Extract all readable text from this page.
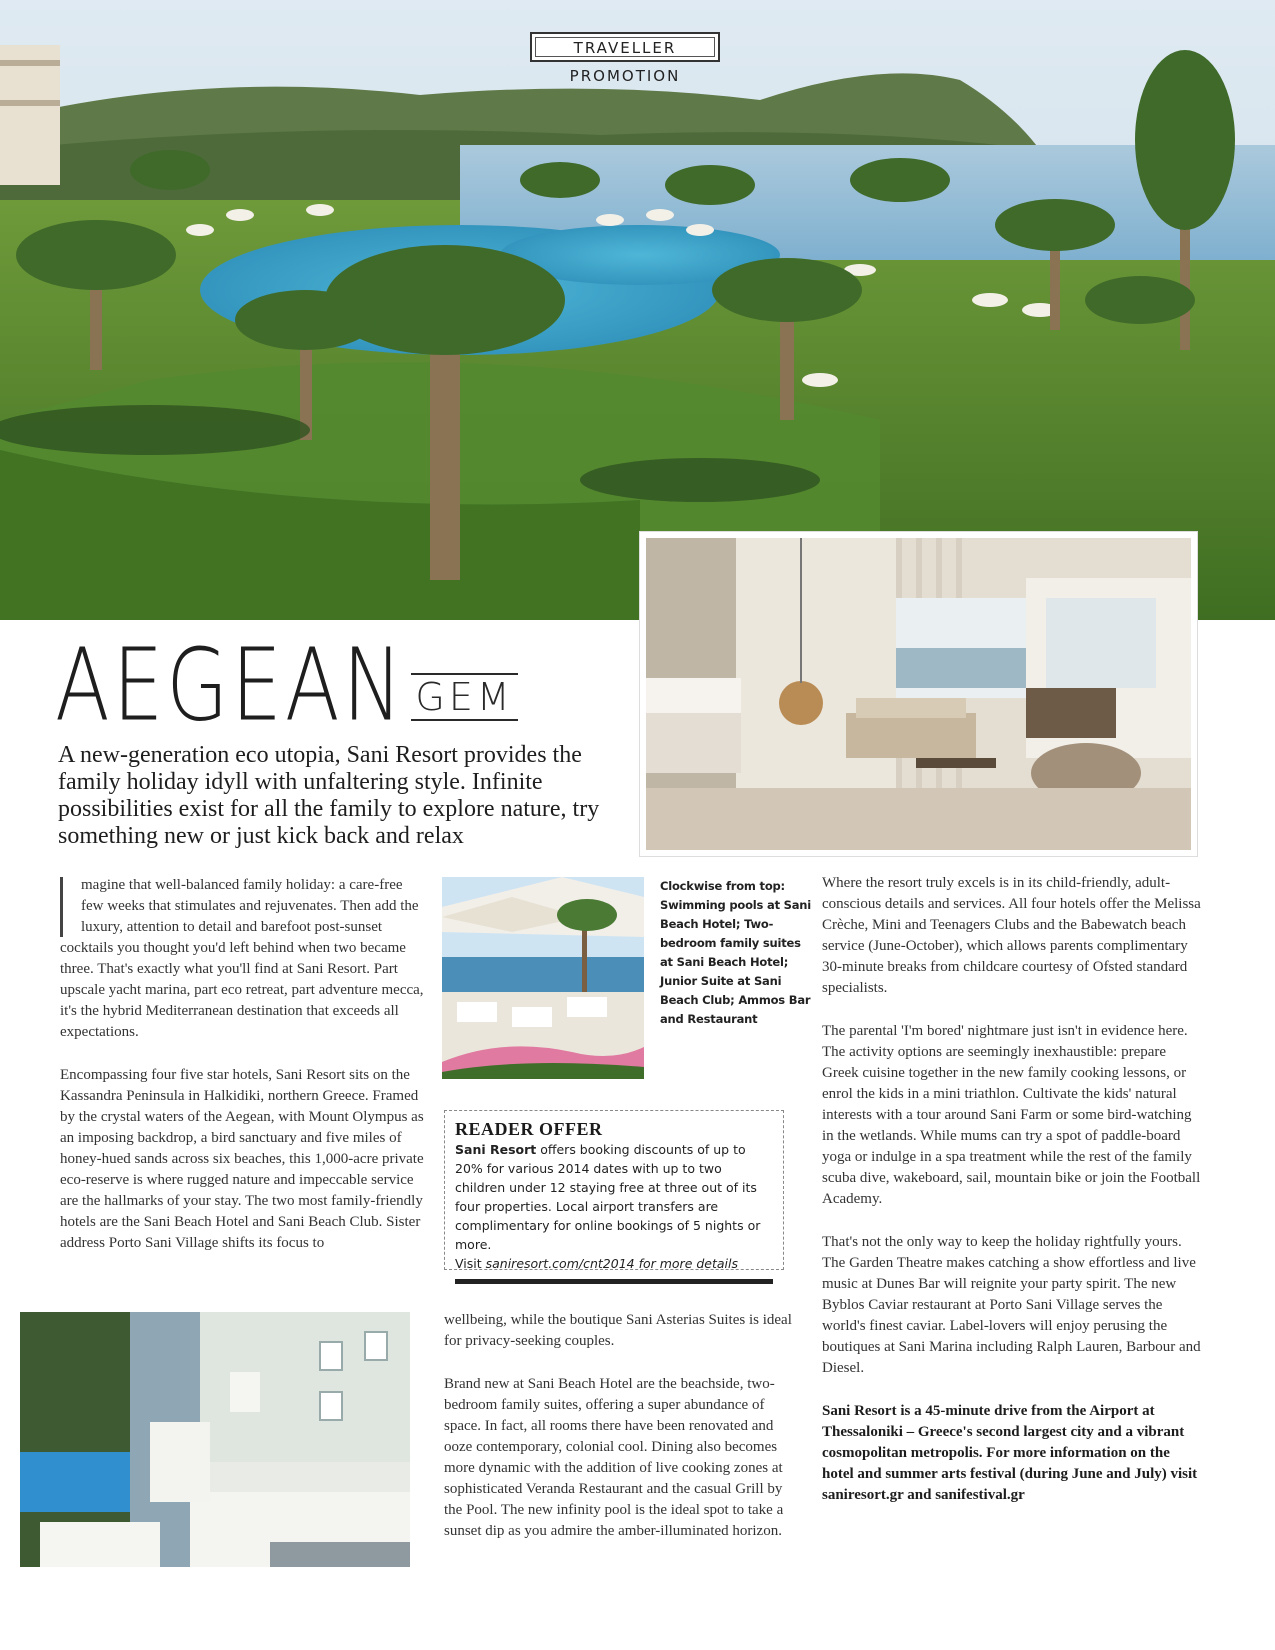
TRAVELLER PROMOTION
AEGEAN GEM
A new-generation eco utopia, Sani Resort provides the family holiday idyll with unfaltering style. Infinite possibilities exist for all the family to explore nature, try something new or just kick back and relax

magine that well-balanced family holiday: a care-free few weeks that stimulates and rejuvenates. Then add the luxury, attention to detail and barefoot post-sunset cocktails you thought you'd left behind when two became three. That's exactly what you'll find at Sani Resort. Part upscale yacht marina, part eco retreat, part adventure mecca, it's the hybrid Mediterranean destination that exceeds all expectations.

Encompassing four five star hotels, Sani Resort sits on the Kassandra Peninsula in Halkidiki, northern Greece. Framed by the crystal waters of the Aegean, with Mount Olympus as an imposing backdrop, a bird sanctuary and five miles of honey-hued sands across six beaches, this 1,000-acre private eco-reserve is where rugged nature and impeccable service are the hallmarks of your stay. The two most family-friendly hotels are the Sani Beach Hotel and Sani Beach Club. Sister address Porto Sani Village shifts its focus to

Clockwise from top: Swimming pools at Sani Beach Hotel; Two-bedroom family suites at Sani Beach Hotel; Junior Suite at Sani Beach Club; Ammos Bar and Restaurant
READER OFFER
Sani Resort offers booking discounts of up to 20% for various 2014 dates with up to two children under 12 staying free at three out of its four properties. Local airport transfers are complimentary for online bookings of 5 nights or more.
Visit saniresort.com/cnt2014 for more details

wellbeing, while the boutique Sani Asterias Suites is ideal for privacy-seeking couples.

Brand new at Sani Beach Hotel are the beachside, two-bedroom family suites, offering a super abundance of space. In fact, all rooms there have been renovated and ooze contemporary, colonial cool. Dining also becomes more dynamic with the addition of live cooking zones at sophisticated Veranda Restaurant and the casual Grill by the Pool. The new infinity pool is the ideal spot to take a sunset dip as you admire the amber-illuminated horizon.

Where the resort truly excels is in its child-friendly, adult-conscious details and services. All four hotels offer the Melissa Crèche, Mini and Teenagers Clubs and the Babewatch beach service (June-October), which allows parents complimentary 30-minute breaks from childcare courtesy of Ofsted standard specialists.

The parental 'I'm bored' nightmare just isn't in evidence here. The activity options are seemingly inexhaustible: prepare Greek cuisine together in the new family cooking lessons, or enrol the kids in a mini triathlon. Cultivate the kids' natural interests with a tour around Sani Farm or some bird-watching in the wetlands. While mums can try a spot of paddle-board yoga or indulge in a spa treatment while the rest of the family scuba dive, wakeboard, sail, mountain bike or join the Football Academy.

That's not the only way to keep the holiday rightfully yours. The Garden Theatre makes catching a show effortless and live music at Dunes Bar will reignite your party spirit. The new Byblos Caviar restaurant at Porto Sani Village serves the world's finest caviar. Label-lovers will enjoy perusing the boutiques at Sani Marina including Ralph Lauren, Barbour and Diesel.

Sani Resort is a 45-minute drive from the Airport at Thessaloniki – Greece's second largest city and a vibrant cosmopolitan metropolis. For more information on the hotel and summer arts festival (during June and July) visit saniresort.gr and sanifestival.gr
